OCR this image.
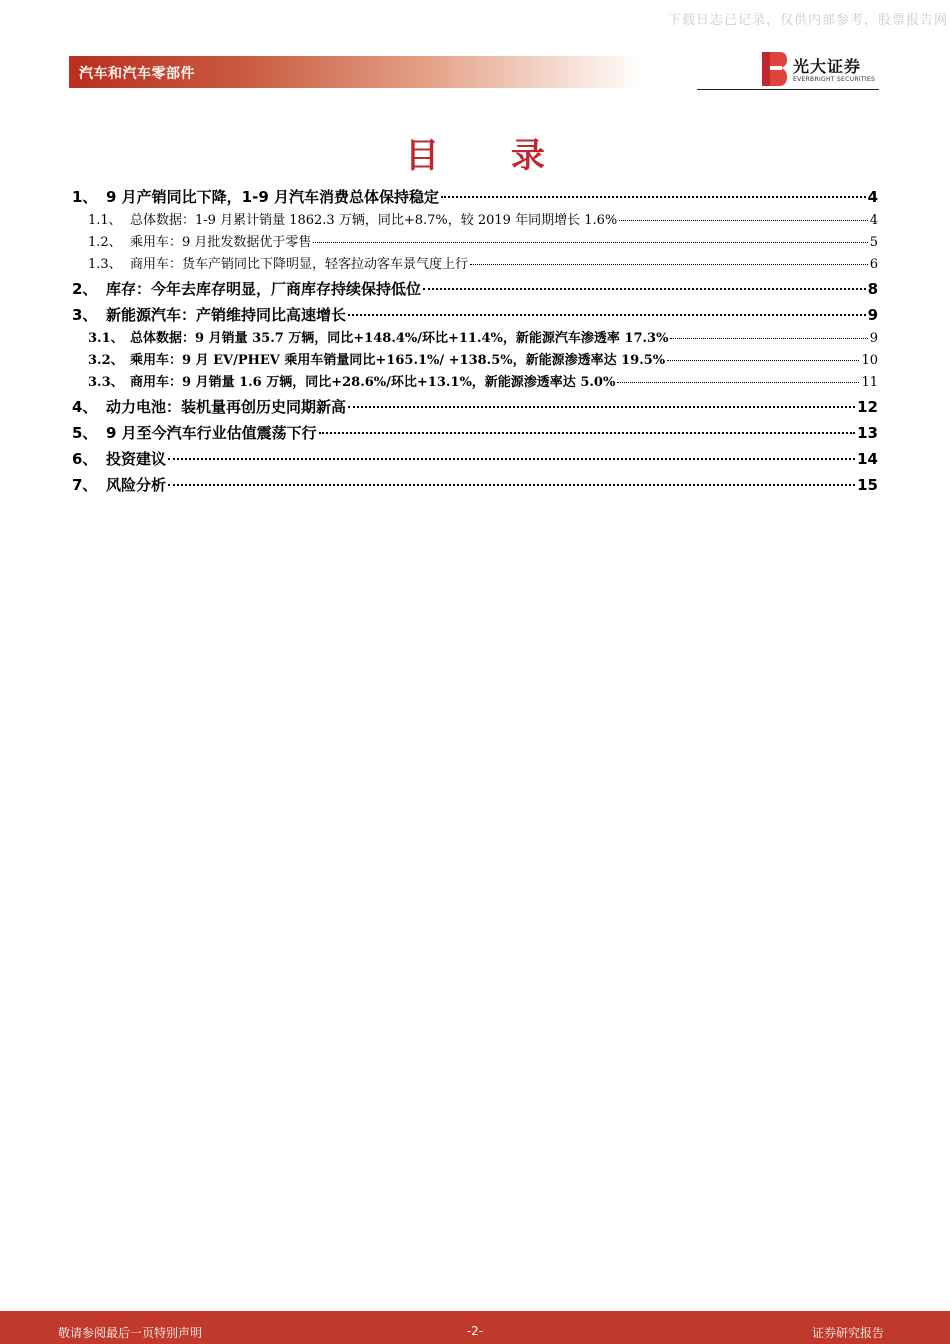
下载日志已记录，仅供内部参考，股票报告网
汽车和汽车零部件	光大证券
EVERBRIGHT SECURITIES
目 录
1、 9 月产销同比下降，1-9 月汽车消费总体保持稳定	4
1.1、 总体数据：1-9 月累计销量 1862.3 万辆，同比+8.7%，较 2019 年同期增长 1.6%	4
1.2、 乘用车：9 月批发数据优于零售	5
1.3、 商用车：货车产销同比下降明显，轻客拉动客车景气度上行	6
2、 库存：今年去库存明显，厂商库存持续保持低位	8
3、 新能源汽车：产销维持同比高速增长	9
3.1、 总体数据：9 月销量 35.7 万辆，同比+148.4%/环比+11.4%，新能源汽车渗透率 17.3%	9
3.2、 乘用车：9 月 EV/PHEV 乘用车销量同比+165.1%/ +138.5%，新能源渗透率达 19.5%	10
3.3、 商用车：9 月销量 1.6 万辆，同比+28.6%/环比+13.1%，新能源渗透率达 5.0%	11
4、 动力电池：装机量再创历史同期新高	12
5、 9 月至今汽车行业估值震荡下行	13
6、 投资建议	14
7、 风险分析	15
敬请参阅最后一页特别声明	-2-	证券研究报告
